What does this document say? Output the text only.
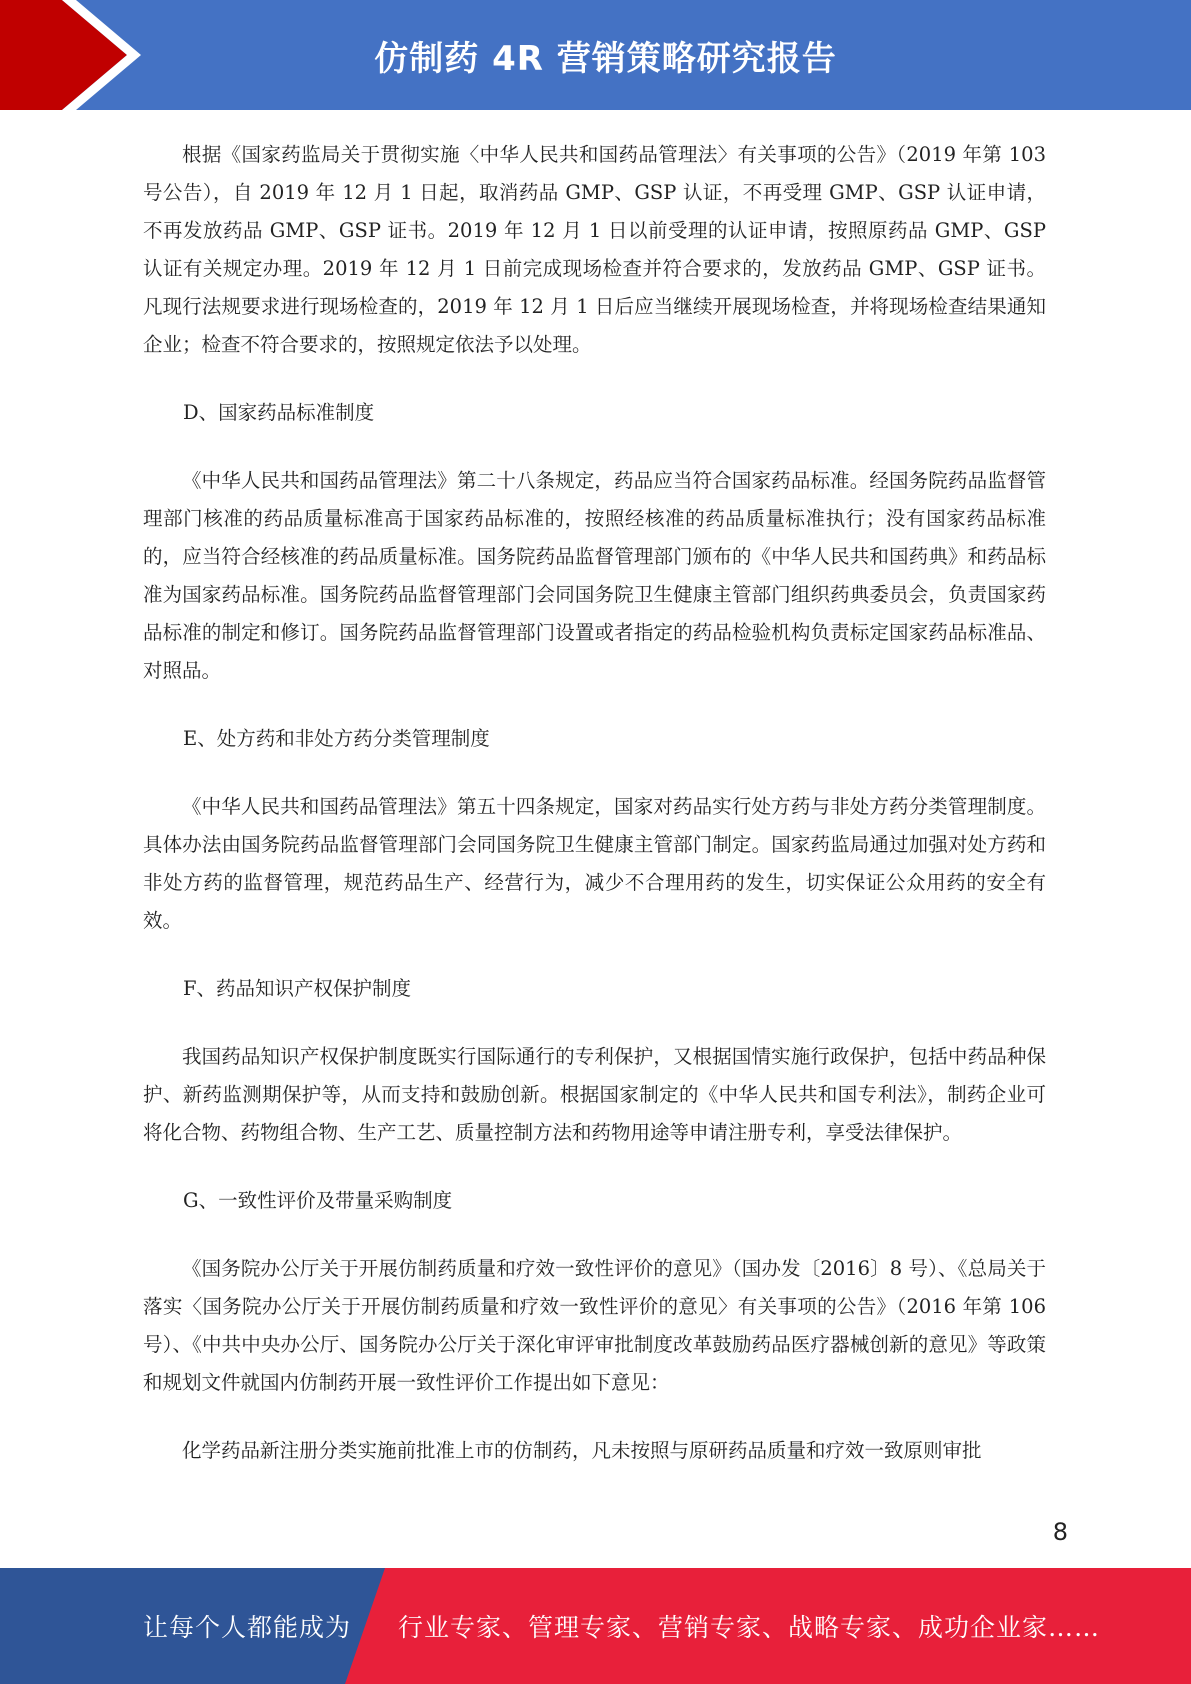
仿制药 4R 营销策略研究报告

根据《国家药监局关于贯彻实施〈中华人民共和国药品管理法〉有关事项的公告》（2019 年第 103 号公告），自 2019 年 12 月 1 日起，取消药品 GMP、GSP 认证，不再受理 GMP、GSP 认证申请，不再发放药品 GMP、GSP 证书。2019 年 12 月 1 日以前受理的认证申请，按照原药品 GMP、GSP 认证有关规定办理。2019 年 12 月 1 日前完成现场检查并符合要求的，发放药品 GMP、GSP 证书。凡现行法规要求进行现场检查的，2019 年 12 月 1 日后应当继续开展现场检查，并将现场检查结果通知企业；检查不符合要求的，按照规定依法予以处理。

D、国家药品标准制度

《中华人民共和国药品管理法》第二十八条规定，药品应当符合国家药品标准。经国务院药品监督管理部门核准的药品质量标准高于国家药品标准的，按照经核准的药品质量标准执行；没有国家药品标准的，应当符合经核准的药品质量标准。国务院药品监督管理部门颁布的《中华人民共和国药典》和药品标准为国家药品标准。国务院药品监督管理部门会同国务院卫生健康主管部门组织药典委员会，负责国家药品标准的制定和修订。国务院药品监督管理部门设置或者指定的药品检验机构负责标定国家药品标准品、对照品。

E、处方药和非处方药分类管理制度

《中华人民共和国药品管理法》第五十四条规定，国家对药品实行处方药与非处方药分类管理制度。具体办法由国务院药品监督管理部门会同国务院卫生健康主管部门制定。国家药监局通过加强对处方药和非处方药的监督管理，规范药品生产、经营行为，减少不合理用药的发生，切实保证公众用药的安全有效。

F、药品知识产权保护制度

我国药品知识产权保护制度既实行国际通行的专利保护，又根据国情实施行政保护，包括中药品种保护、新药监测期保护等，从而支持和鼓励创新。根据国家制定的《中华人民共和国专利法》，制药企业可将化合物、药物组合物、生产工艺、质量控制方法和药物用途等申请注册专利，享受法律保护。

G、一致性评价及带量采购制度

《国务院办公厅关于开展仿制药质量和疗效一致性评价的意见》（国办发〔2016〕8 号）、《总局关于落实〈国务院办公厅关于开展仿制药质量和疗效一致性评价的意见〉有关事项的公告》（2016 年第 106 号）、《中共中央办公厅、国务院办公厅关于深化审评审批制度改革鼓励药品医疗器械创新的意见》等政策和规划文件就国内仿制药开展一致性评价工作提出如下意见：

化学药品新注册分类实施前批准上市的仿制药，凡未按照与原研药品质量和疗效一致原则审批

8
让每个人都能成为 行业专家、管理专家、营销专家、战略专家、成功企业家……
